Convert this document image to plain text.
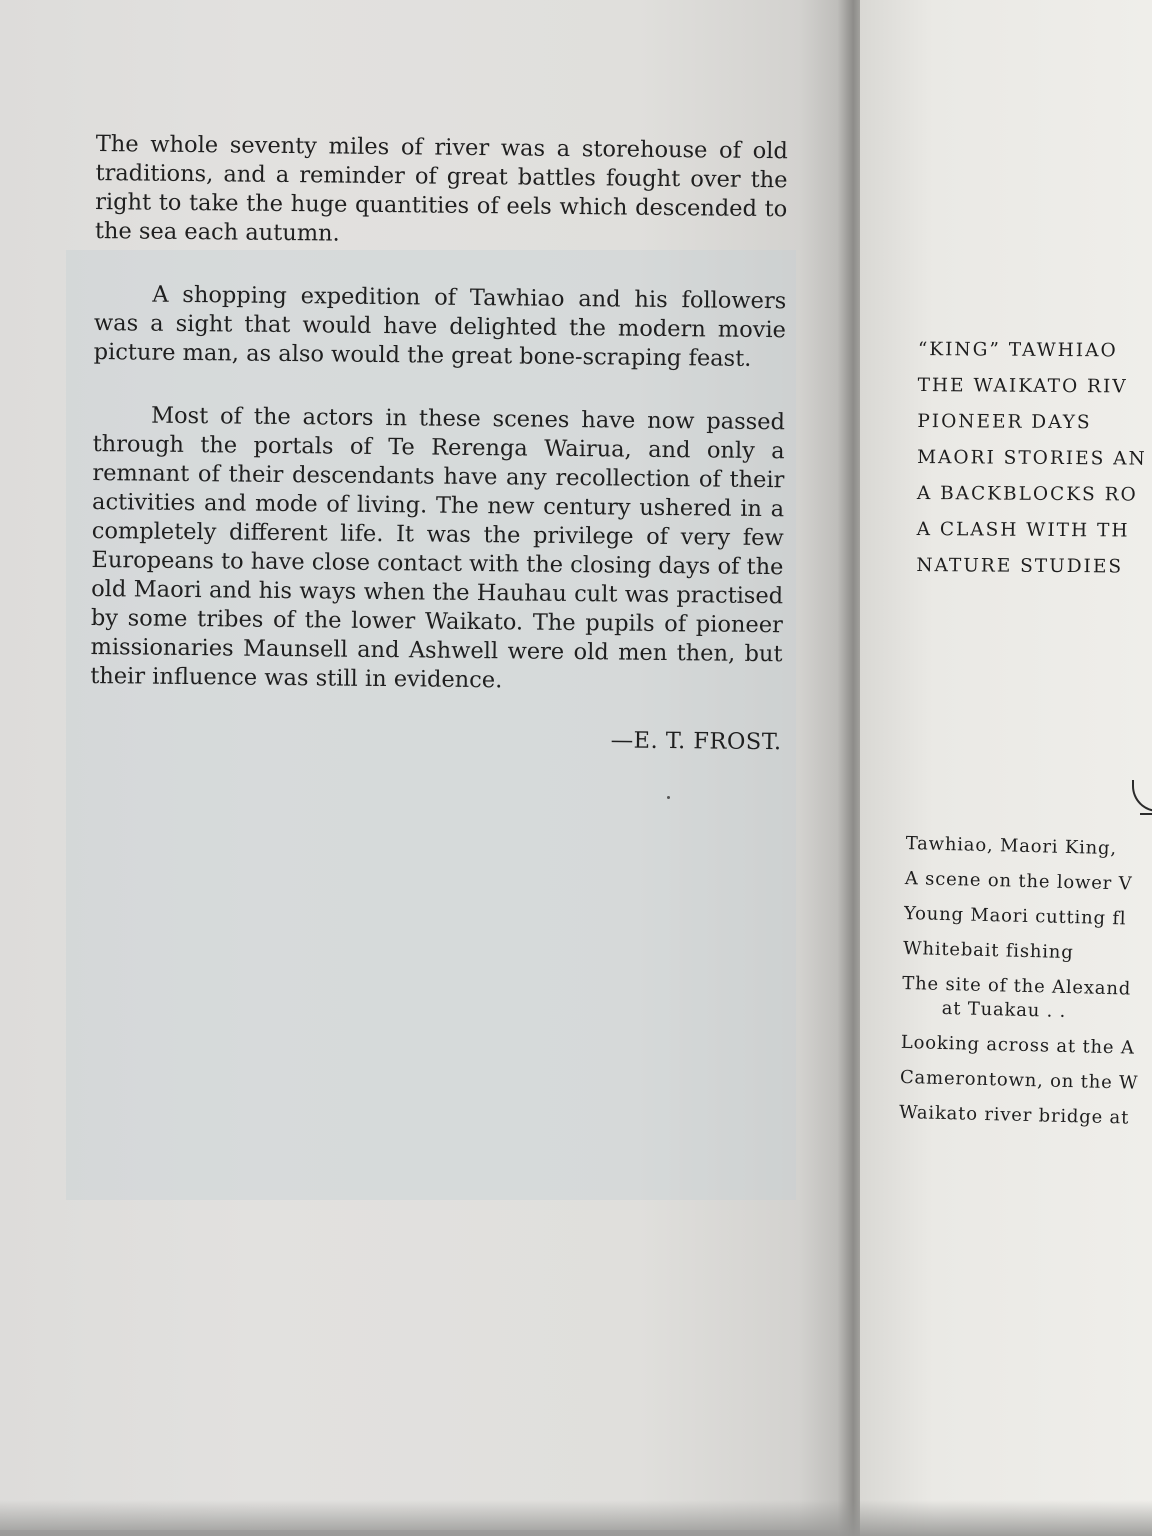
The whole seventy miles of river was a storehouse of old traditions, and a reminder of great battles fought over the right to take the huge quantities of eels which descended to the sea each autumn.

A shopping expedition of Tawhiao and his followers was a sight that would have delighted the modern movie picture man, as also would the great bone-scraping feast.

Most of the actors in these scenes have now passed through the portals of Te Rerenga Wairua, and only a remnant of their descendants have any recollection of their activities and mode of living. The new century ushered in a completely different life. It was the privilege of very few Europeans to have close contact with the closing days of the old Maori and his ways when the Hauhau cult was practised by some tribes of the lower Waikato. The pupils of pioneer missionaries Maunsell and Ashwell were old men then, but their influence was still in evidence.

—E. T. FROST.
“KING” TAWHIAO
THE WAIKATO RIV
PIONEER DAYS
MAORI STORIES AN
A BACKBLOCKS RO
A CLASH WITH TH
NATURE STUDIES
Tawhiao, Maori King,
A scene on the lower V
Young Maori cutting fl
Whitebait fishing
The site of the Alexand
at Tuakau . .
Looking across at the A
Camerontown, on the W
Waikato river bridge at
